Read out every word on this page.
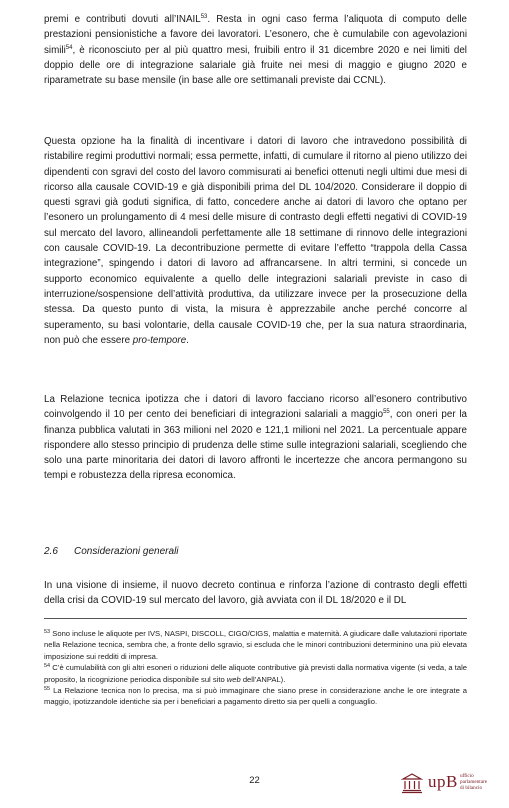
premi e contributi dovuti all’INAIL$^{53}$. Resta in ogni caso ferma l’aliquota di computo delle prestazioni pensionistiche a favore dei lavoratori. L’esonero, che è cumulabile con agevolazioni simili$^{54}$, è riconosciuto per al più quattro mesi, fruibili entro il 31 dicembre 2020 e nei limiti del doppio delle ore di integrazione salariale già fruite nei mesi di maggio e giugno 2020 e riparametrate su base mensile (in base alle ore settimanali previste dai CCNL).
Questa opzione ha la finalità di incentivare i datori di lavoro che intravedono possibilità di ristabilire regimi produttivi normali; essa permette, infatti, di cumulare il ritorno al pieno utilizzo dei dipendenti con sgravi del costo del lavoro commisurati ai benefici ottenuti negli ultimi due mesi di ricorso alla causale COVID-19 e già disponibili prima del DL 104/2020. Considerare il doppio di questi sgravi già goduti significa, di fatto, concedere anche ai datori di lavoro che optano per l’esonero un prolungamento di 4 mesi delle misure di contrasto degli effetti negativi di COVID-19 sul mercato del lavoro, allineandoli perfettamente alle 18 settimane di rinnovo delle integrazioni con causale COVID-19. La decontribuzione permette di evitare l’effetto “trappola della Cassa integrazione”, spingendo i datori di lavoro ad affrancarsene. In altri termini, si concede un supporto economico equivalente a quello delle integrazioni salariali previste in caso di interruzione/sospensione dell’attività produttiva, da utilizzare invece per la prosecuzione della stessa. Da questo punto di vista, la misura è apprezzabile anche perché concorre al superamento, su basi volontarie, della causale COVID-19 che, per la sua natura straordinaria, non può che essere pro-tempore.
La Relazione tecnica ipotizza che i datori di lavoro facciano ricorso all’esonero contributivo coinvolgendo il 10 per cento dei beneficiari di integrazioni salariali a maggio$^{55}$, con oneri per la finanza pubblica valutati in 363 milioni nel 2020 e 121,1 milioni nel 2021. La percentuale appare rispondere allo stesso principio di prudenza delle stime sulle integrazioni salariali, scegliendo che solo una parte minoritaria dei datori di lavoro affronti le incertezze che ancora permangono su tempi e robustezza della ripresa economica.
2.6 Considerazioni generali
In una visione di insieme, il nuovo decreto continua e rinforza l’azione di contrasto degli effetti della crisi da COVID-19 sul mercato del lavoro, già avviata con il DL 18/2020 e il DL

$^{53}$ Sono incluse le aliquote per IVS, NASPI, DISCOLL, CIGO/CIGS, malattia e maternità. A giudicare dalle valutazioni riportate nella Relazione tecnica, sembra che, a fronte dello sgravio, si escluda che le minori contribuzioni determinino una più elevata imposizione sui redditi di impresa.

$^{54}$ C’è cumulabilità con gli altri esoneri o riduzioni delle aliquote contributive già previsti dalla normativa vigente (si veda, a tale proposito, la ricognizione periodica disponibile sul sito web dell’ANPAL).

$^{55}$ La Relazione tecnica non lo precisa, ma si può immaginare che siano prese in considerazione anche le ore integrate a maggio, ipotizzandole identiche sia per i beneficiari a pagamento diretto sia per quelli a conguaglio.

22	upB ufficio
parlamentare
di bilancio
